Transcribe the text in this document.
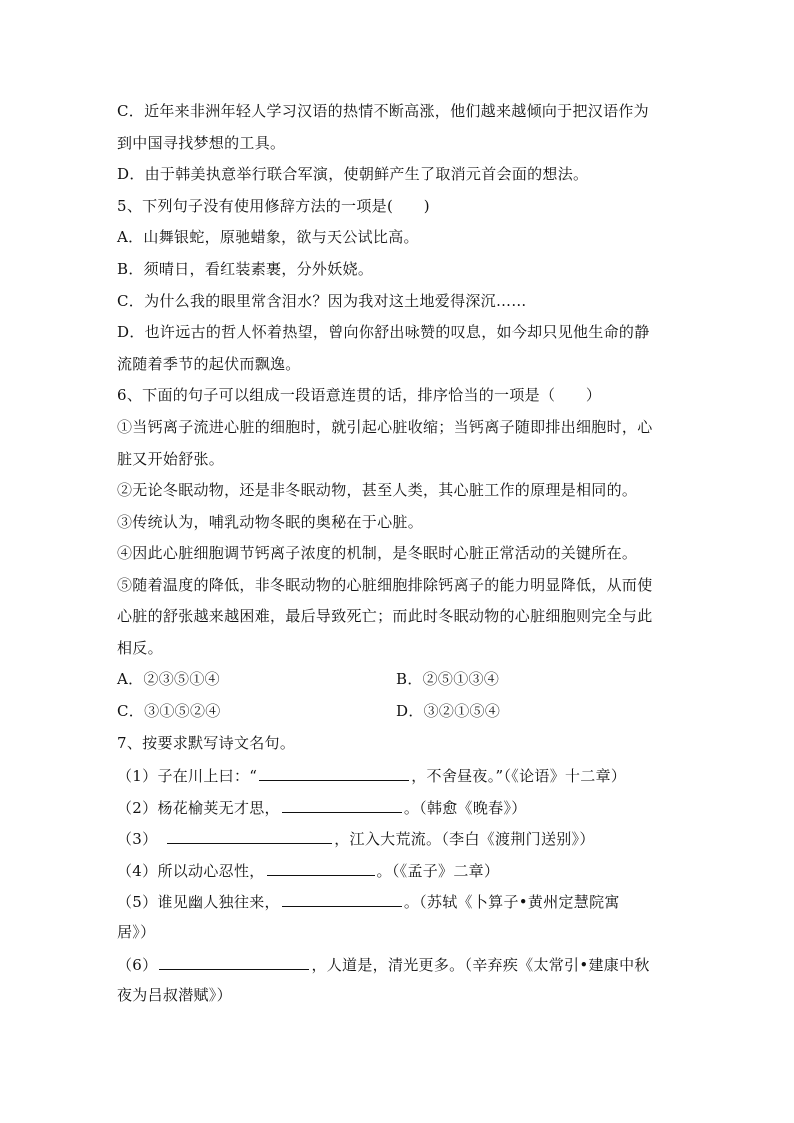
C．近年来非洲年轻人学习汉语的热情不断高涨，他们越来越倾向于把汉语作为
到中国寻找梦想的工具。
D．由于韩美执意举行联合军演，使朝鲜产生了取消元首会面的想法。
5、下列句子没有使用修辞方法的一项是(　　)
A．山舞银蛇，原驰蜡象，欲与天公试比高。
B．须晴日，看红装素裹，分外妖娆。
C．为什么我的眼里常含泪水？因为我对这土地爱得深沉……
D．也许远古的哲人怀着热望，曾向你舒出咏赞的叹息，如今却只见他生命的静
流随着季节的起伏而飘逸。
6、下面的句子可以组成一段语意连贯的话，排序恰当的一项是（　　）
①当钙离子流进心脏的细胞时，就引起心脏收缩；当钙离子随即排出细胞时，心
脏又开始舒张。
②无论冬眠动物，还是非冬眠动物，甚至人类，其心脏工作的原理是相同的。
③传统认为，哺乳动物冬眠的奥秘在于心脏。
④因此心脏细胞调节钙离子浓度的机制，是冬眠时心脏正常活动的关键所在。
⑤随着温度的降低，非冬眠动物的心脏细胞排除钙离子的能力明显降低，从而使
心脏的舒张越来越困难，最后导致死亡；而此时冬眠动物的心脏细胞则完全与此
相反。
A．②③⑤①④	B．②⑤①③④
C．③①⑤②④	D．③②①⑤④
7、按要求默写诗文名句。
（1）子在川上曰：“	，不舍昼夜。”（《论语》十二章）
（2）杨花榆荚无才思，	。（韩愈《晚春》）
（3）　	，江入大荒流。（李白《渡荆门送别》）
（4）所以动心忍性，	。（《孟子》二章）
（5）谁见幽人独往来，	。（苏轼《卜算子•黄州定慧院寓
居》）
（6）	，人道是，清光更多。（辛弃疾《太常引•建康中秋
夜为吕叔潜赋》）
